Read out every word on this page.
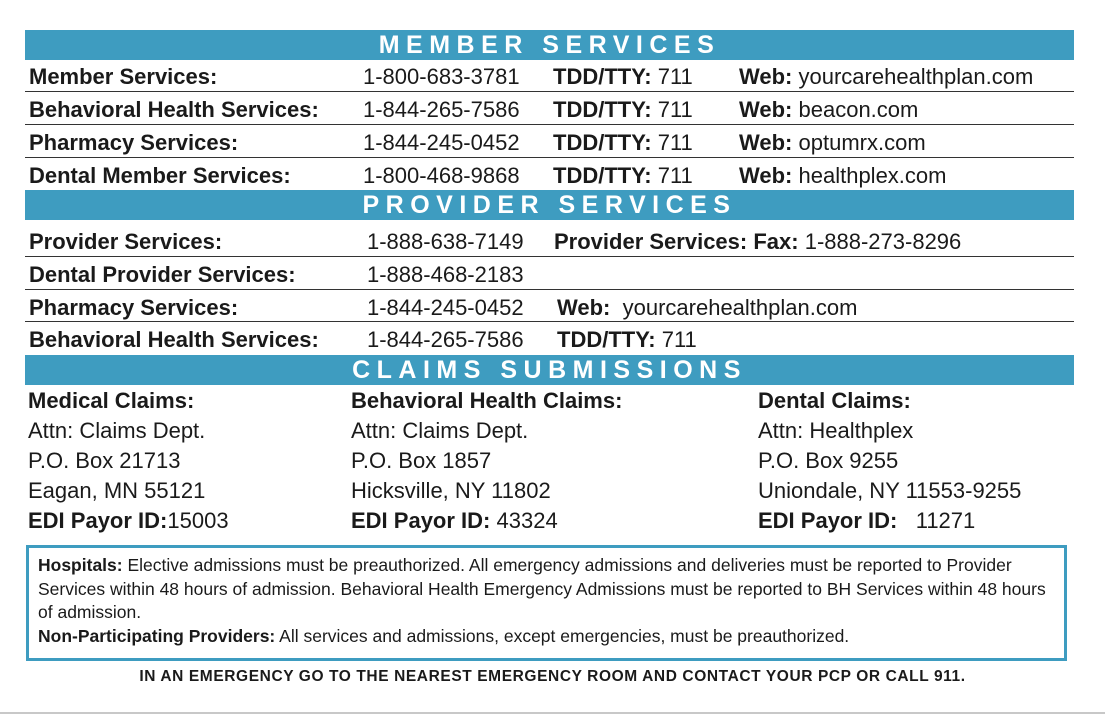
MEMBER SERVICES
Member Services:	1-800-683-3781 TDD/TTY: 711 Web: yourcarehealthplan.com
Behavioral Health Services: 1-844-265-7586 TDD/TTY: 711 Web: beacon.com
Pharmacy Services:	1-844-245-0452 TDD/TTY: 711 Web: optumrx.com
Dental Member Services:	1-800-468-9868 TDD/TTY: 711 Web: healthplex.com
PROVIDER SERVICES
Provider Services:	1-888-638-7149 Provider Services: Fax: 1-888-273-8296
Dental Provider Services:	1-888-468-2183
Pharmacy Services:	1-844-245-0452 Web: yourcarehealthplan.com
Behavioral Health Services: 1-844-265-7586 TDD/TTY: 711
CLAIMS SUBMISSIONS
Medical Claims:
Attn: Claims Dept.
P.O. Box 21713
Eagan, MN 55121
EDI Payor ID:15003
Behavioral Health Claims:
Attn: Claims Dept.
P.O. Box 1857
Hicksville, NY 11802
EDI Payor ID: 43324
Dental Claims:
Attn: Healthplex
P.O. Box 9255
Uniondale, NY 11553-9255
EDI Payor ID: 11271
Hospitals: Elective admissions must be preauthorized. All emergency admissions and deliveries must be reported to Provider Services within 48 hours of admission. Behavioral Health Emergency Admissions must be reported to BH Services within 48 hours of admission.
Non-Participating Providers: All services and admissions, except emergencies, must be preauthorized.
IN AN EMERGENCY GO TO THE NEAREST EMERGENCY ROOM AND CONTACT YOUR PCP OR CALL 911.
